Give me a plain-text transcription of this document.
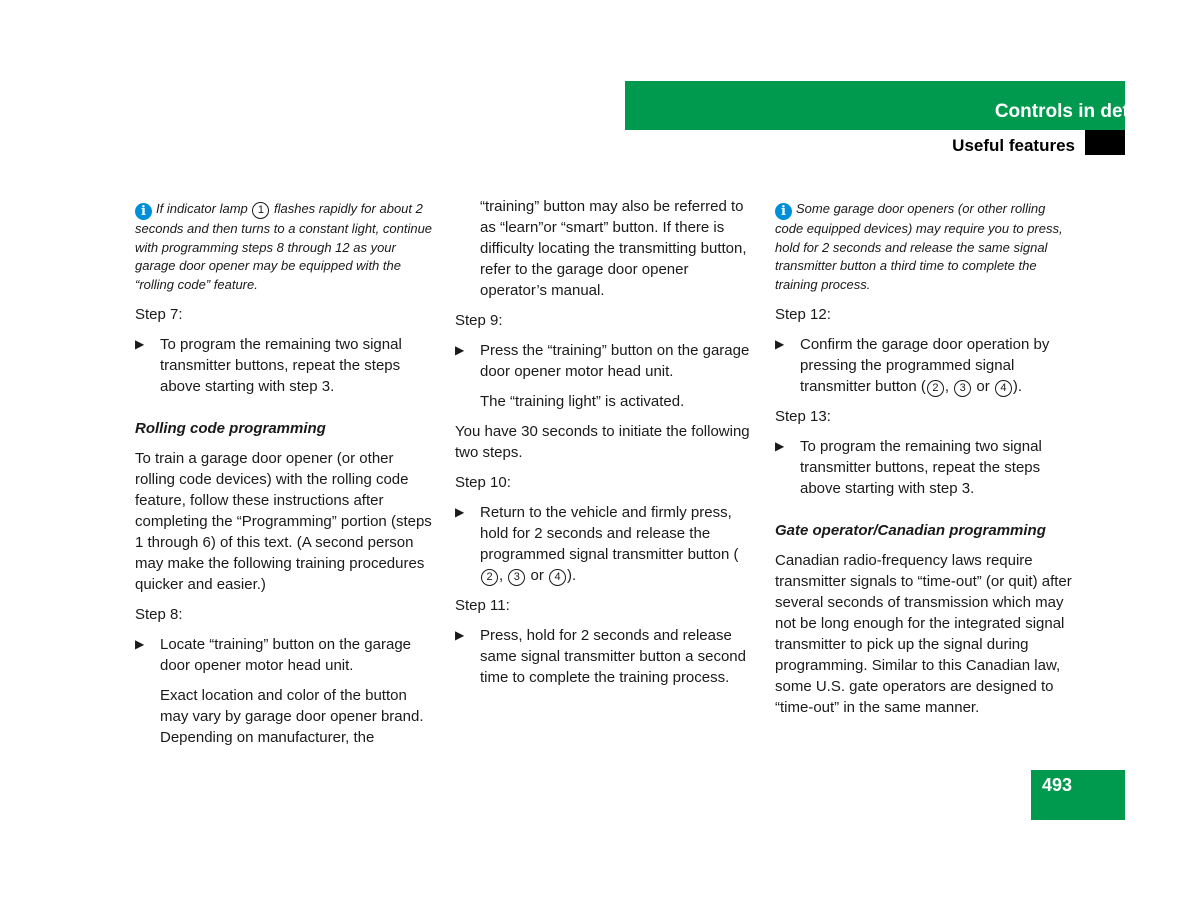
Controls in detail
Useful features
i If indicator lamp 1 flashes rapidly for about 2 seconds and then turns to a constant light, continue with programming steps 8 through 12 as your garage door opener may be equipped with the “rolling code” feature.

Step 7:

▶ To program the remaining two signal transmitter buttons, repeat the steps above starting with step 3.
Rolling code programming

To train a garage door opener (or other rolling code devices) with the rolling code feature, follow these instructions after completing the “Programming” portion (steps 1 through 6) of this text. (A second person may make the following training procedures quicker and easier.)

Step 8:

▶ Locate “training” button on the garage door opener motor head unit.
Exact location and color of the button may vary by garage door opener brand. Depending on manufacturer, the
“training” button may also be referred to as “learn”or “smart” button. If there is difficulty locating the transmitting button, refer to the garage door opener operator’s manual.

Step 9:

▶ Press the “training” button on the garage door opener motor head unit.
The “training light” is activated.

You have 30 seconds to initiate the following two steps.

Step 10:

▶ Return to the vehicle and firmly press, hold for 2 seconds and release the programmed signal transmitter button (2 , 3 or 4 ).

Step 11:

▶ Press, hold for 2 seconds and release same signal transmitter button a second time to complete the training process.
i Some garage door openers (or other rolling code equipped devices) may require you to press, hold for 2 seconds and release the same signal transmitter button a third time to complete the training process.

Step 12:

▶ Confirm the garage door operation by pressing the programmed signal transmitter button ( 2 , 3 or 4 ).

Step 13:

▶ To program the remaining two signal transmitter buttons, repeat the steps above starting with step 3.
Gate operator/Canadian programming

Canadian radio-frequency laws require transmitter signals to “time-out” (or quit) after several seconds of transmission which may not be long enough for the integrated signal transmitter to pick up the signal during programming. Similar to this Canadian law, some U.S. gate operators are designed to “time-out” in the same manner.

493
